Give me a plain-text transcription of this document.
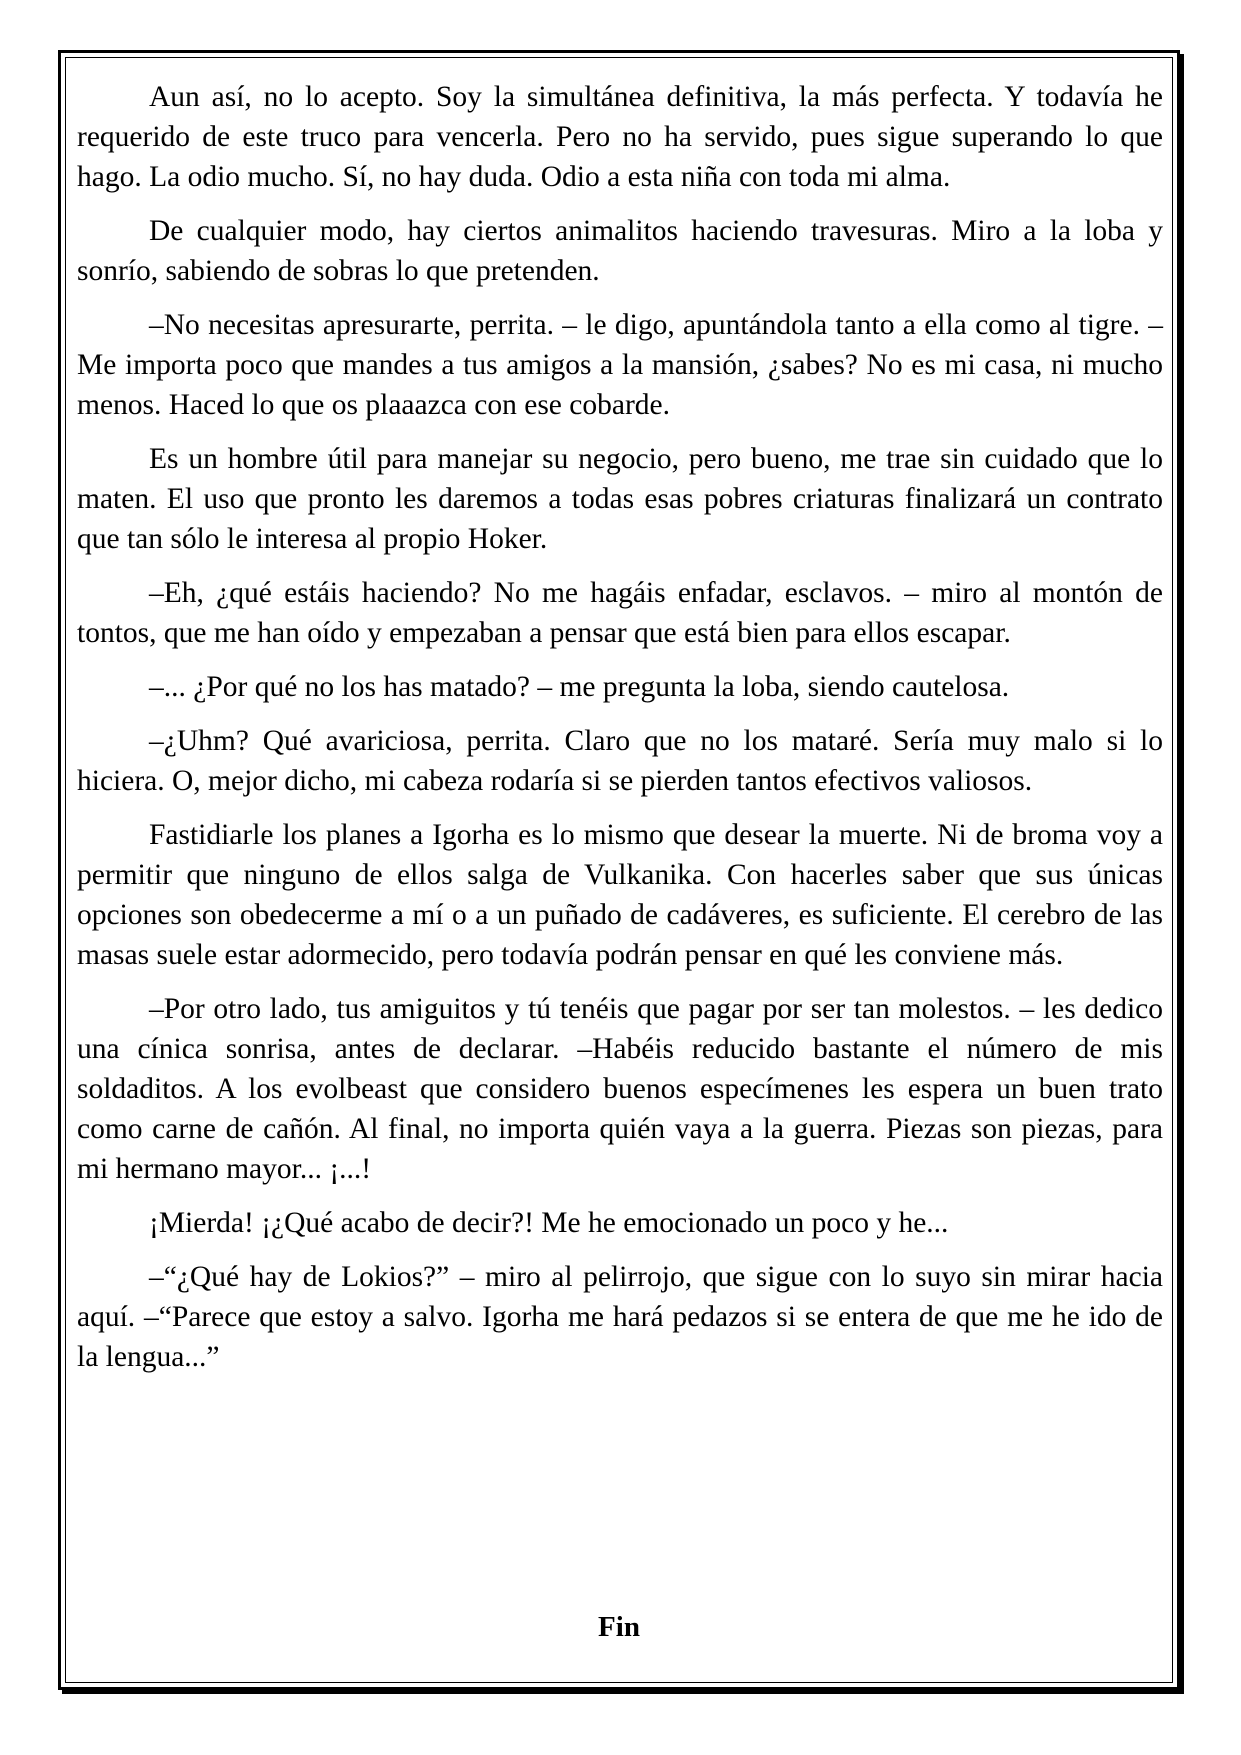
Aun así, no lo acepto. Soy la simultánea definitiva, la más perfecta. Y todavía he requerido de este truco para vencerla. Pero no ha servido, pues sigue superando lo que hago. La odio mucho. Sí, no hay duda. Odio a esta niña con toda mi alma.

De cualquier modo, hay ciertos animalitos haciendo travesuras. Miro a la loba y sonrío, sabiendo de sobras lo que pretenden.

–No necesitas apresurarte, perrita. – le digo, apuntándola tanto a ella como al tigre. –Me importa poco que mandes a tus amigos a la mansión, ¿sabes? No es mi casa, ni mucho menos. Haced lo que os plaaazca con ese cobarde.

Es un hombre útil para manejar su negocio, pero bueno, me trae sin cuidado que lo maten. El uso que pronto les daremos a todas esas pobres criaturas finalizará un contrato que tan sólo le interesa al propio Hoker.

–Eh, ¿qué estáis haciendo? No me hagáis enfadar, esclavos. – miro al montón de tontos, que me han oído y empezaban a pensar que está bien para ellos escapar.

–... ¿Por qué no los has matado? – me pregunta la loba, siendo cautelosa.

–¿Uhm? Qué avariciosa, perrita. Claro que no los mataré. Sería muy malo si lo hiciera. O, mejor dicho, mi cabeza rodaría si se pierden tantos efectivos valiosos.

Fastidiarle los planes a Igorha es lo mismo que desear la muerte. Ni de broma voy a permitir que ninguno de ellos salga de Vulkanika. Con hacerles saber que sus únicas opciones son obedecerme a mí o a un puñado de cadáveres, es suficiente. El cerebro de las masas suele estar adormecido, pero todavía podrán pensar en qué les conviene más.

–Por otro lado, tus amiguitos y tú tenéis que pagar por ser tan molestos. – les dedico una cínica sonrisa, antes de declarar. –Habéis reducido bastante el número de mis soldaditos. A los evolbeast que considero buenos especímenes les espera un buen trato como carne de cañón. Al final, no importa quién vaya a la guerra. Piezas son piezas, para mi hermano mayor... ¡...!

¡Mierda! ¡¿Qué acabo de decir?! Me he emocionado un poco y he...

–“¿Qué hay de Lokios?” – miro al pelirrojo, que sigue con lo suyo sin mirar hacia aquí. –“Parece que estoy a salvo. Igorha me hará pedazos si se entera de que me he ido de la lengua...”

Fin
